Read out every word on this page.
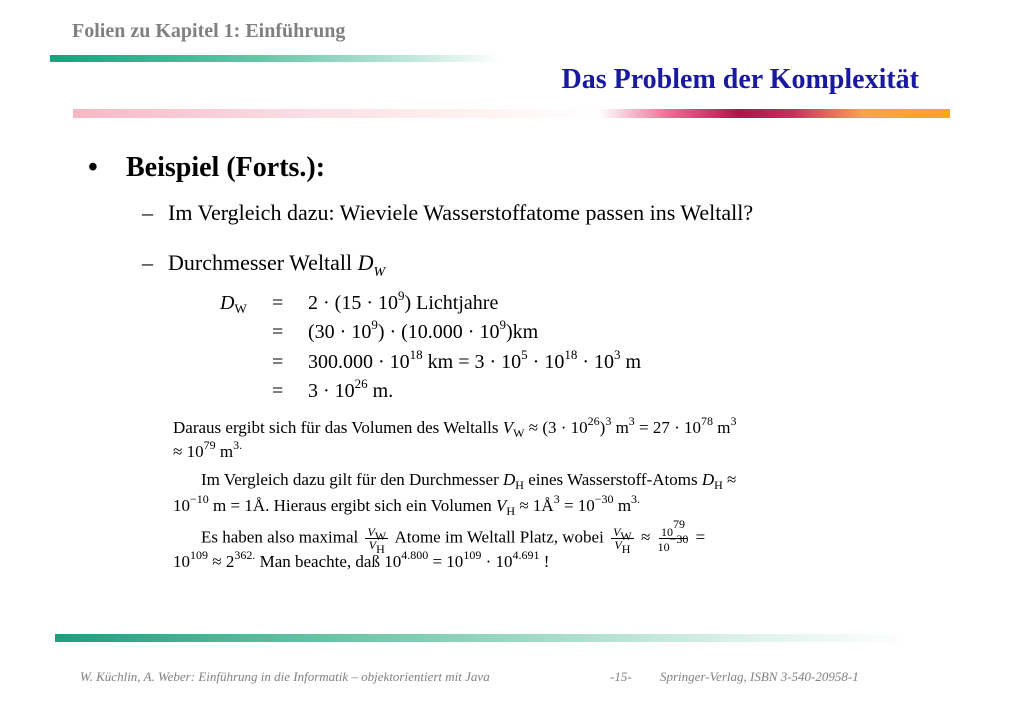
Folien zu Kapitel 1: Einführung
Das Problem der Komplexität
• Beispiel (Forts.):
– Im Vergleich dazu: Wieviele Wasserstoffatome passen ins Weltall?
– Durchmesser Weltall $D_W$
$D_W$ =
=
=
=
$2 \cdot (15 \cdot 10^9)$ Lichtjahre
$(30 \cdot 10^9) \cdot (10.000 \cdot 10^9)km$
$300.000 \cdot 10^{18}$ km = $3 \cdot 10^5 \cdot 10^{18} \cdot 10^3$ m
$3 \cdot 10^{26}$ m.
Daraus ergibt sich für das Volumen des Weltalls $V_W \approx (3 \cdot 10^{26})^3$ $m^3 = 27 \cdot 10^{78}$ $m^3$
≈ $10^{79}$ $m^{3.}$
Im Vergleich dazu gilt für den Durchmesser $D_H$ eines Wasserstoff-Atoms $D_H$ ≈
$10^{-10}$ m = 1Å. Hieraus ergibt sich ein Volumen $V_H$ ≈ $1Å^3 = 10^{-30}$ $m^{3.}$
Es haben also maximal $\frac{V_W}{V_H}$ Atome im Weltall Platz, wobei $\frac{V_W}{V_H} \approx \frac{10^{79}}{10^{-30}}$ =
$10^{109} \approx 2^{362.}$ Man beachte, daß $10^{4.800} = 10^{109} \cdot 10^{4.691}$ !
W. Küchlin, A. Weber: Einführung in die Informatik – objektorientiert mit Java	-15- Springer-Verlag, ISBN 3-540-20958-1
